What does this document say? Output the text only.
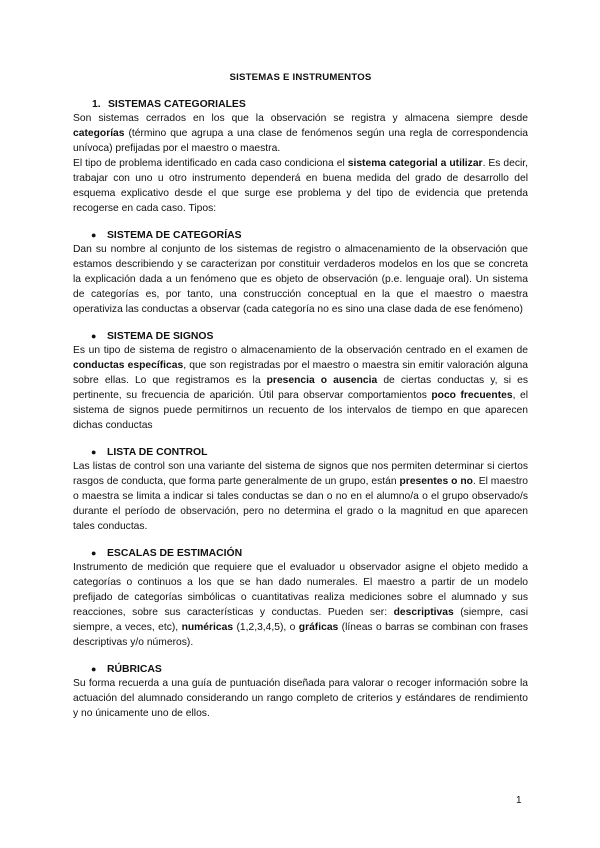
SISTEMAS E INSTRUMENTOS
1. SISTEMAS CATEGORIALES

Son sistemas cerrados en los que la observación se registra y almacena siempre desde categorías (término que agrupa a una clase de fenómenos según una regla de correspondencia unívoca) prefijadas por el maestro o maestra.

El tipo de problema identificado en cada caso condiciona el sistema categorial a utilizar. Es decir, trabajar con uno u otro instrumento dependerá en buena medida del grado de desarrollo del esquema explicativo desde el que surge ese problema y del tipo de evidencia que pretenda recogerse en cada caso. Tipos:

● SISTEMA DE CATEGORÍAS

Dan su nombre al conjunto de los sistemas de registro o almacenamiento de la observación que estamos describiendo y se caracterizan por constituir verdaderos modelos en los que se concreta la explicación dada a un fenómeno que es objeto de observación (p.e. lenguaje oral). Un sistema de categorías es, por tanto, una construcción conceptual en la que el maestro o maestra operativiza las conductas a observar (cada categoría no es sino una clase dada de ese fenómeno)

● SISTEMA DE SIGNOS

Es un tipo de sistema de registro o almacenamiento de la observación centrado en el examen de conductas específicas, que son registradas por el maestro o maestra sin emitir valoración alguna sobre ellas. Lo que registramos es la presencia o ausencia de ciertas conductas y, si es pertinente, su frecuencia de aparición. Útil para observar comportamientos poco frecuentes, el sistema de signos puede permitirnos un recuento de los intervalos de tiempo en que aparecen dichas conductas

● LISTA DE CONTROL

Las listas de control son una variante del sistema de signos que nos permiten determinar si ciertos rasgos de conducta, que forma parte generalmente de un grupo, están presentes o no. El maestro o maestra se limita a indicar si tales conductas se dan o no en el alumno/a o el grupo observado/s durante el período de observación, pero no determina el grado o la magnitud en que aparecen tales conductas.

● ESCALAS DE ESTIMACIÓN

Instrumento de medición que requiere que el evaluador u observador asigne el objeto medido a categorías o continuos a los que se han dado numerales. El maestro a partir de un modelo prefijado de categorías simbólicas o cuantitativas realiza mediciones sobre el alumnado y sus reacciones, sobre sus características y conductas. Pueden ser: descriptivas (siempre, casi siempre, a veces, etc), numéricas (1,2,3,4,5), o gráficas (líneas o barras se combinan con frases descriptivas y/o números).

● RÚBRICAS

Su forma recuerda a una guía de puntuación diseñada para valorar o recoger información sobre la actuación del alumnado considerando un rango completo de criterios y estándares de rendimiento y no únicamente uno de ellos.

1
